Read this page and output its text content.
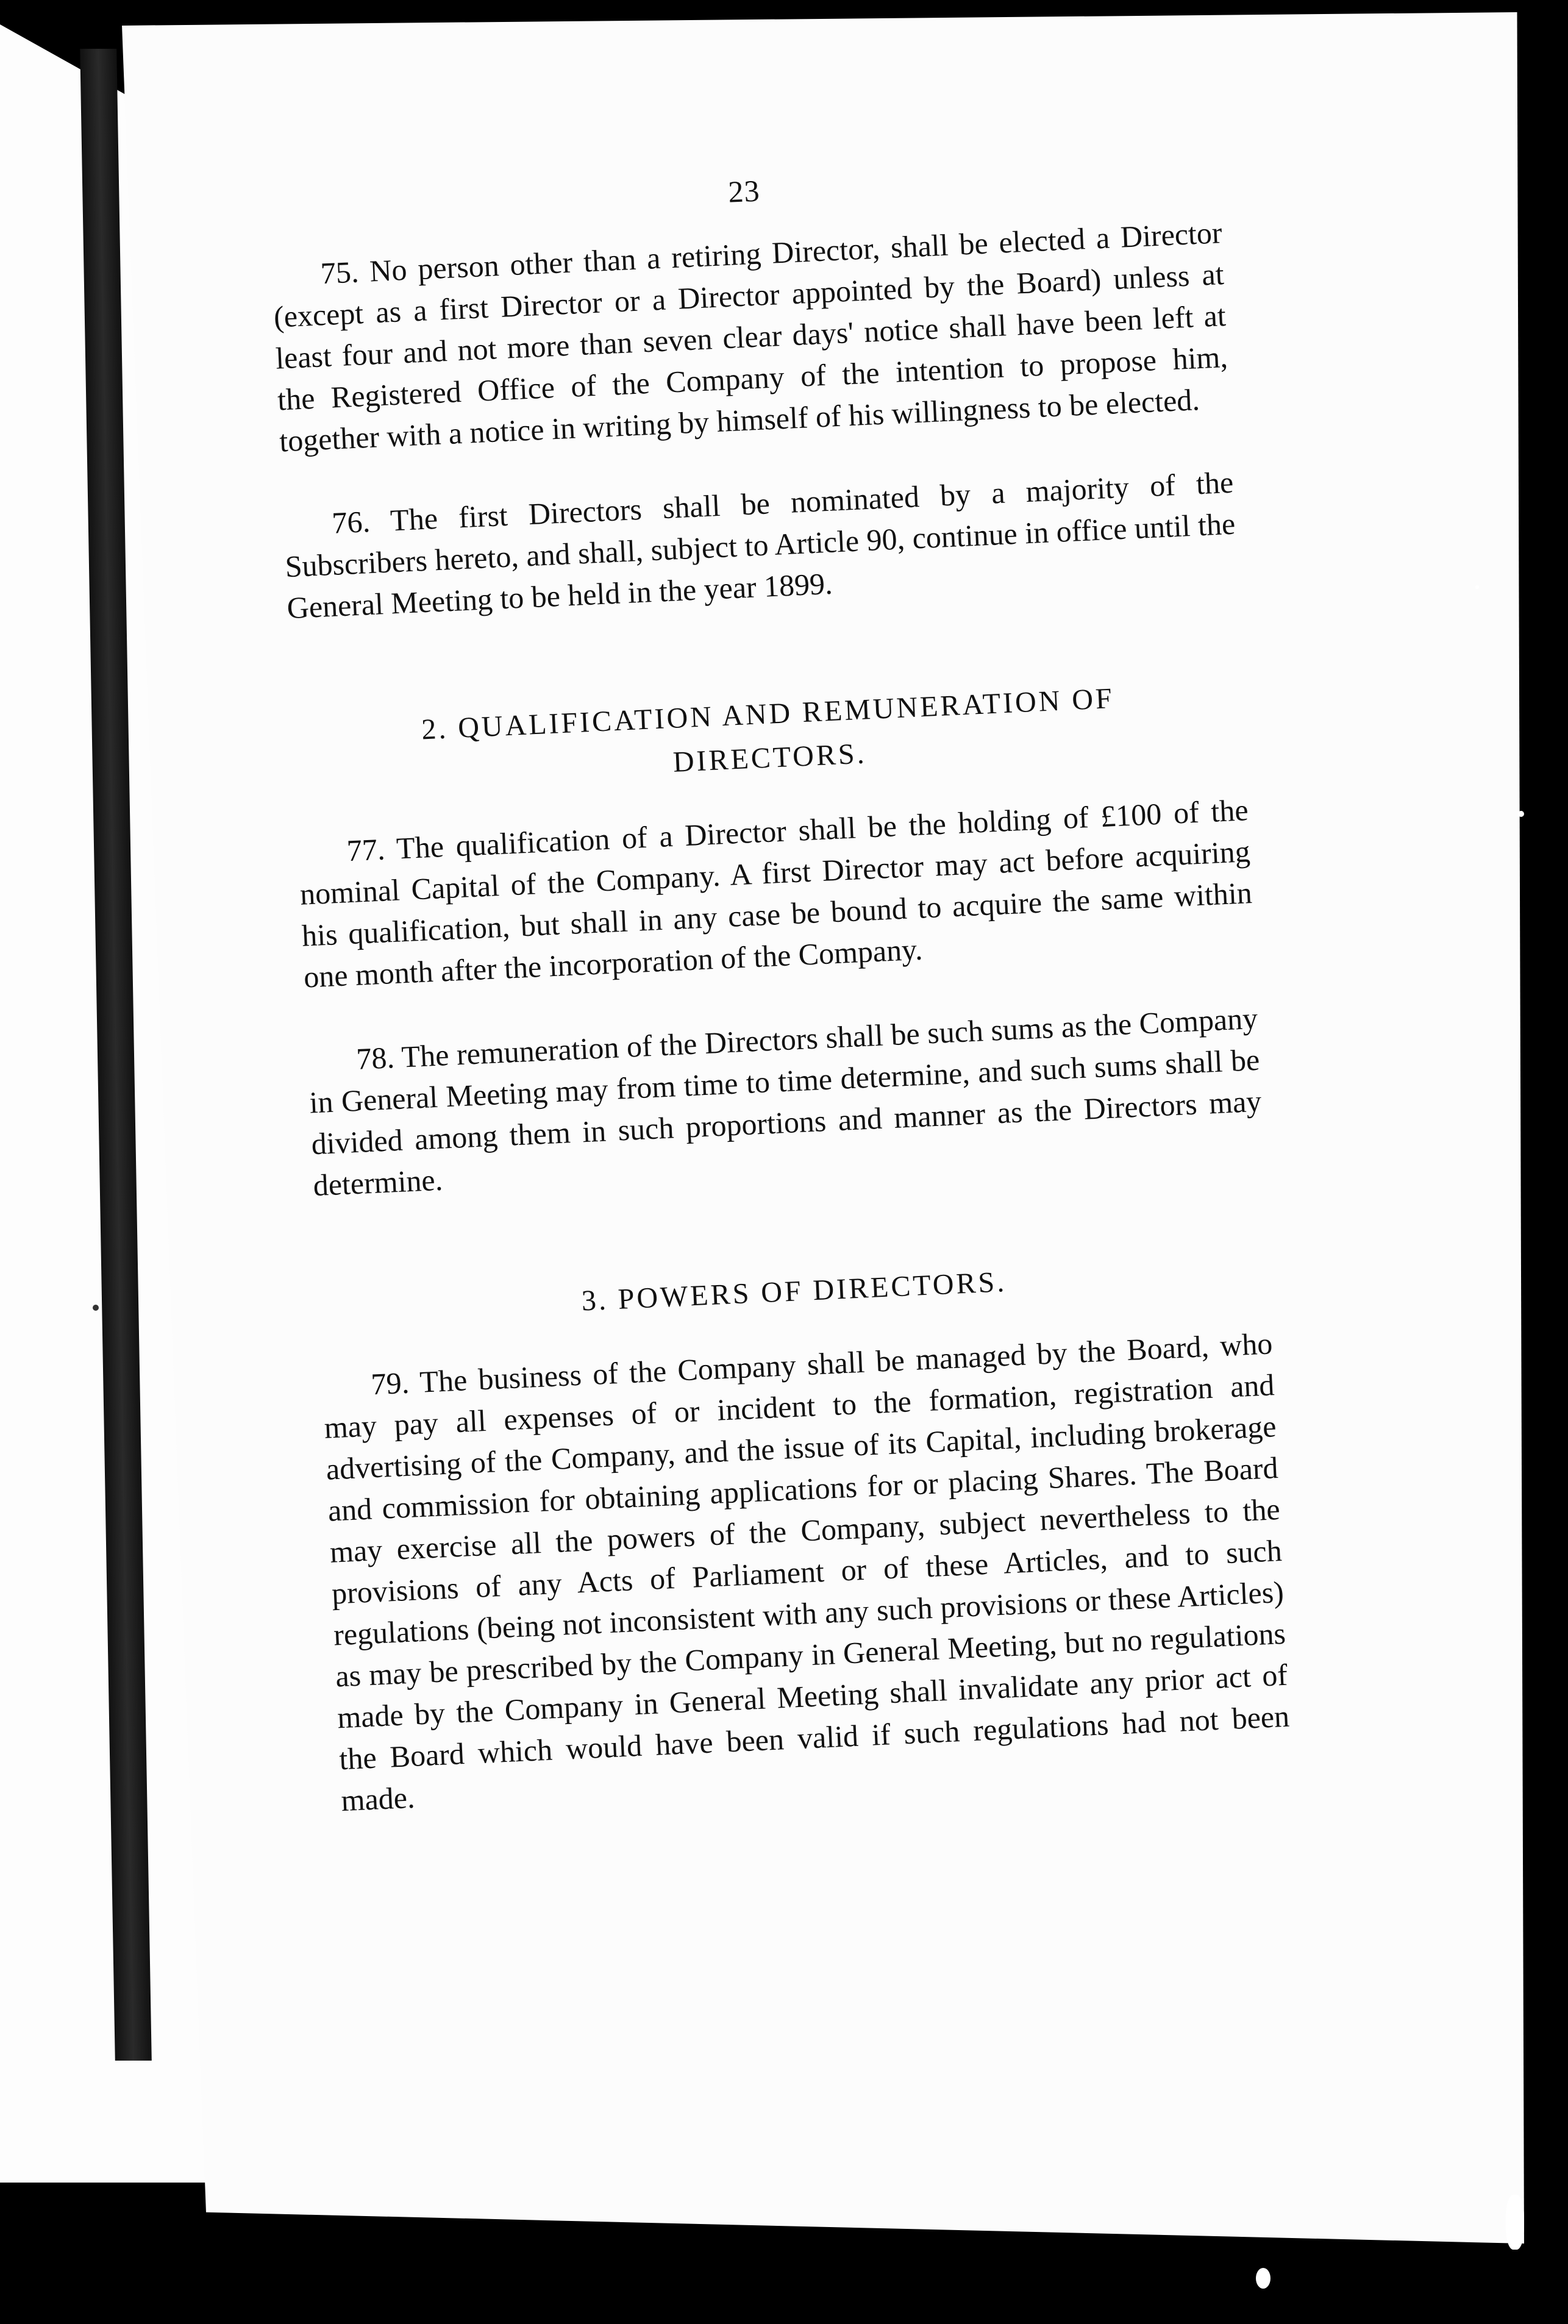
23

75. No person other than a retiring Director, shall be elected a Director (except as a first Director or a Director appointed by the Board) unless at least four and not more than seven clear days' notice shall have been left at the Registered Office of the Company of the intention to propose him, together with a notice in writing by himself of his willingness to be elected.

76. The first Directors shall be nominated by a majority of the Subscribers hereto, and shall, subject to Article 90, continue in office until the General Meeting to be held in the year 1899.

2. QUALIFICATION AND REMUNERATION OF
DIRECTORS.

77. The qualification of a Director shall be the holding of £100 of the nominal Capital of the Company. A first Director may act before acquiring his qualification, but shall in any case be bound to acquire the same within one month after the incorporation of the Company.

78. The remuneration of the Directors shall be such sums as the Company in General Meeting may from time to time determine, and such sums shall be divided among them in such proportions and manner as the Directors may determine.

3. POWERS OF DIRECTORS.

79. The business of the Company shall be managed by the Board, who may pay all expenses of or incident to the formation, registration and advertising of the Company, and the issue of its Capital, including brokerage and commission for obtaining applications for or placing Shares. The Board may exercise all the powers of the Company, subject nevertheless to the provisions of any Acts of Parliament or of these Articles, and to such regulations (being not inconsistent with any such provisions or these Articles) as may be prescribed by the Company in General Meeting, but no regulations made by the Company in General Meeting shall invalidate any prior act of the Board which would have been valid if such regulations had not been made.
